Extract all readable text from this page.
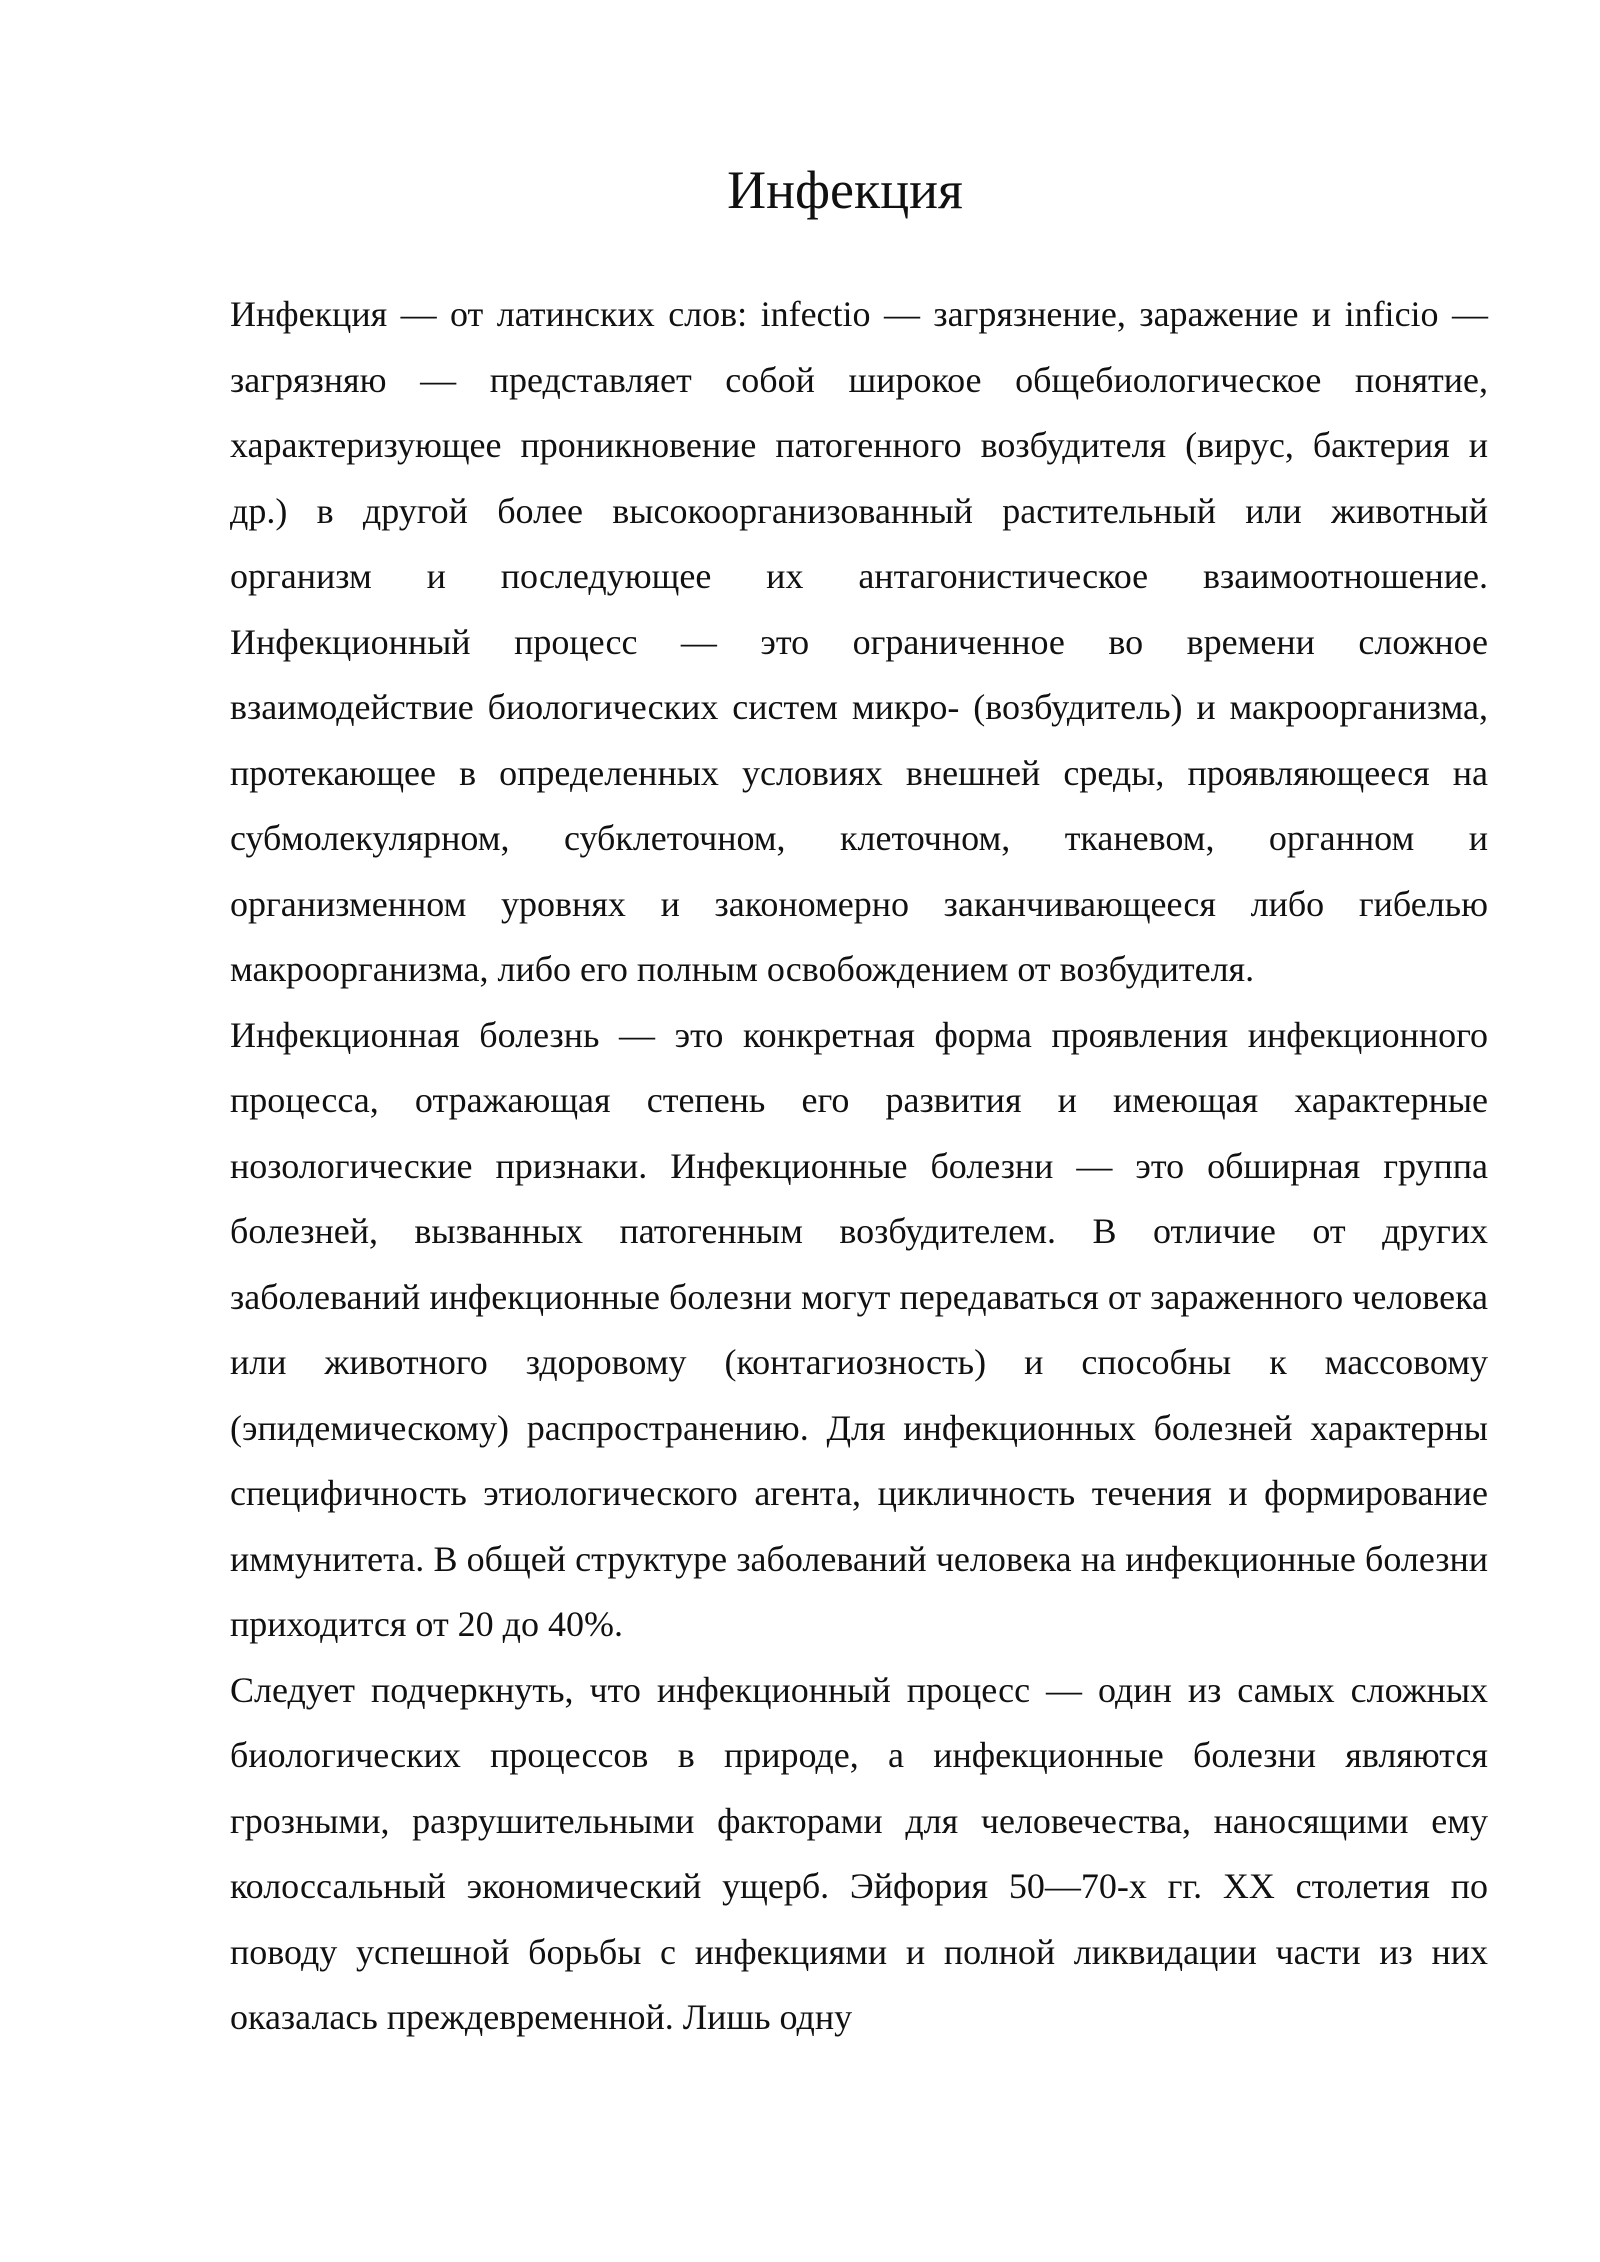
Инфекция

Инфекция — от латинских слов: infectio — загрязнение, заражение и inficio — загрязняю — представляет собой широкое общебиологическое понятие, характеризующее проникновение патогенного возбудителя (вирус, бактерия и др.) в другой более высокоорганизованный растительный или животный организм и последующее их антагонистическое взаимоотношение. Инфекционный процесс — это ограниченное во времени сложное взаимодействие биологических систем микро- (возбудитель) и макроорганизма, протекающее в определенных условиях внешней среды, проявляющееся на субмолекулярном, субклеточном, клеточном, тканевом, органном и организменном уровнях и закономерно заканчивающееся либо гибелью макроорганизма, либо его полным освобождением от возбудителя.

Инфекционная болезнь — это конкретная форма проявления инфекционного процесса, отражающая степень его развития и имеющая характерные нозологические признаки. Инфекционные болезни — это обширная группа болезней, вызванных патогенным возбудителем. В отличие от других заболеваний инфекционные болезни могут передаваться от зараженного человека или животного здоровому (контагиозность) и способны к массовому (эпидемическому) распространению. Для инфекционных болезней характерны специфичность этиологического агента, цикличность течения и формирование иммунитета. В общей структуре заболеваний человека на инфекционные болезни приходится от 20 до 40%.

Следует подчеркнуть, что инфекционный процесс — один из самых сложных биологических процессов в природе, а инфекционные болезни являются грозными, разрушительными факторами для человечества, наносящими ему колоссальный экономический ущерб. Эйфория 50—70-х гг. XX столетия по поводу успешной борьбы с инфекциями и полной ликвидации части из них оказалась преждевременной. Лишь одну
